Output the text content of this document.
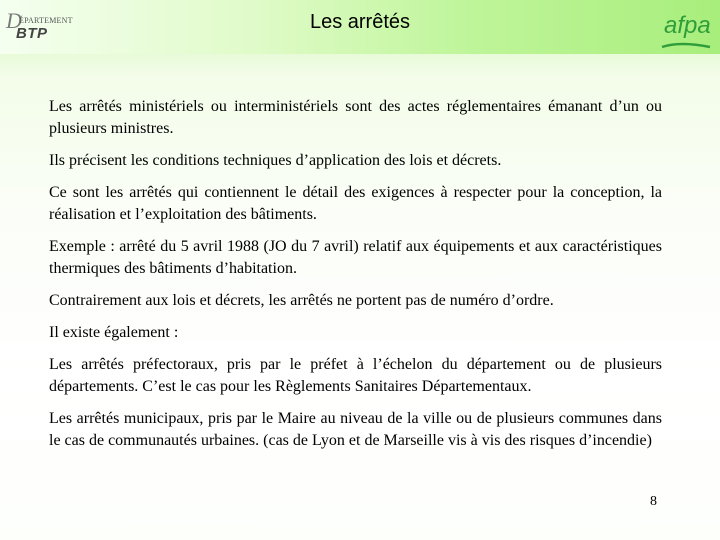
D
ÉPARTEMENT
BTP
Les arrêtés	afpa

Les arrêtés ministériels ou interministériels sont des actes réglementaires émanant d’un ou plusieurs ministres.

Ils précisent les conditions techniques d’application des lois et décrets.

Ce sont les arrêtés qui contiennent le détail des exigences à respecter pour la conception, la réalisation et l’exploitation des bâtiments.

Exemple : arrêté du 5 avril 1988 (JO du 7 avril) relatif aux équipements et aux caractéristiques thermiques des bâtiments d’habitation.

Contrairement aux lois et décrets, les arrêtés ne portent pas de numéro d’ordre.

Il existe également :

Les arrêtés préfectoraux, pris par le préfet à l’échelon du département ou de plusieurs départements. C’est le cas pour les Règlements Sanitaires Départementaux.

Les arrêtés municipaux, pris par le Maire au niveau de la ville ou de plusieurs communes dans le cas de communautés urbaines. (cas de Lyon et de Marseille vis à vis des risques d’incendie)

8
